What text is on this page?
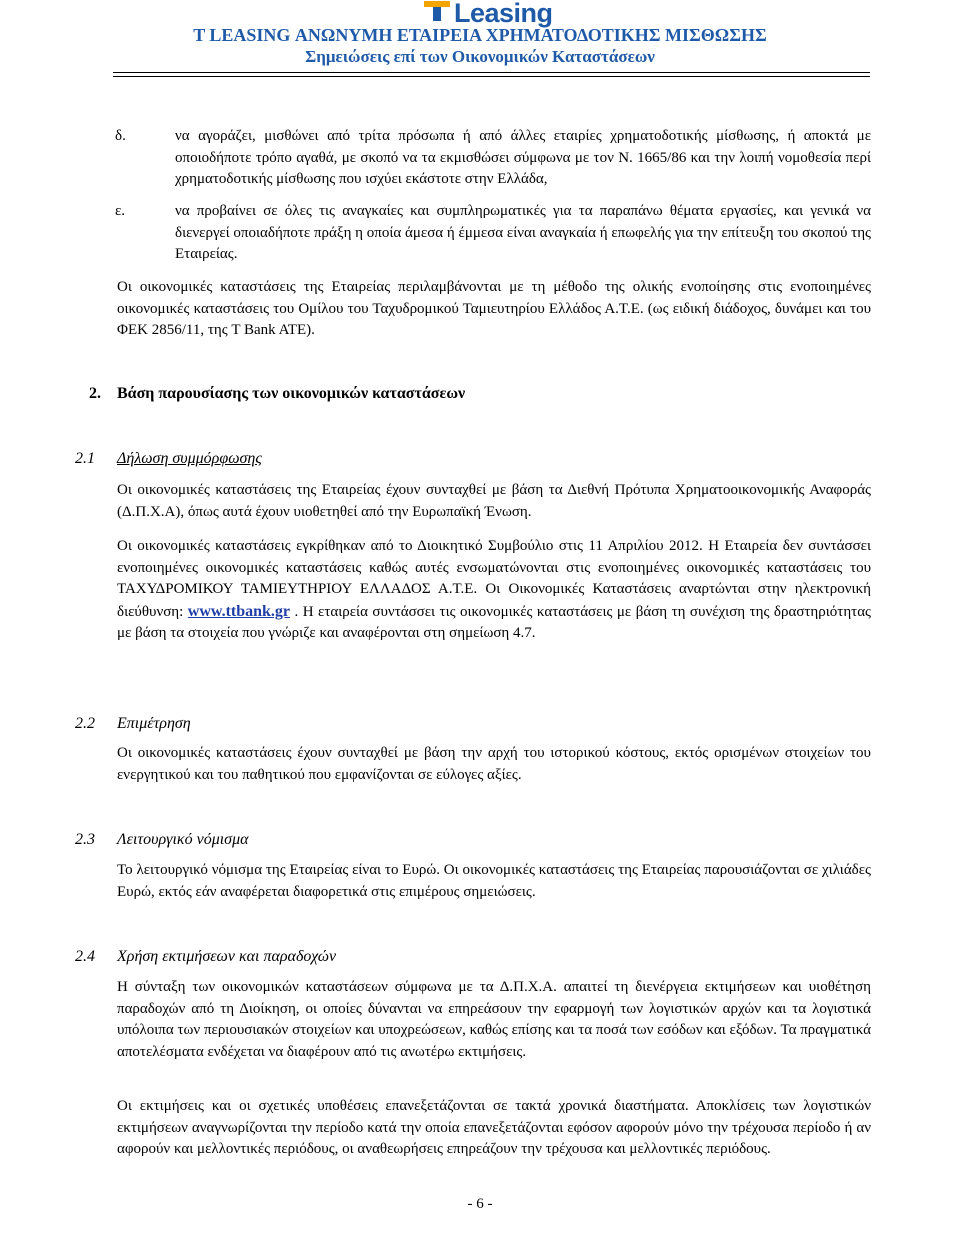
Leasing
T LEASING ΑΝΩΝΥΜΗ ΕΤΑΙΡΕΙΑ ΧΡΗΜΑΤΟΔΟΤΙΚΗΣ ΜΙΣΘΩΣΗΣ
Σημειώσεις επί των Οικονομικών Καταστάσεων
δ.	να αγοράζει, μισθώνει από τρίτα πρόσωπα ή από άλλες εταιρίες χρηματοδοτικής μίσθωσης, ή αποκτά με οποιοδήποτε τρόπο αγαθά, με σκοπό να τα εκμισθώσει σύμφωνα με τον Ν. 1665/86 και την λοιπή νομοθεσία περί χρηματοδοτικής μίσθωσης που ισχύει εκάστοτε στην Ελλάδα,
ε.	να προβαίνει σε όλες τις αναγκαίες και συμπληρωματικές για τα παραπάνω θέματα εργασίες, και γενικά να διενεργεί οποιαδήποτε πράξη η οποία άμεσα ή έμμεσα είναι αναγκαία ή επωφελής για την επίτευξη του σκοπού της Εταιρείας.
Οι οικονομικές καταστάσεις της Εταιρείας περιλαμβάνονται με τη μέθοδο της ολικής ενοποίησης στις ενοποιημένες οικονομικές καταστάσεις του Ομίλου του Ταχυδρομικού Ταμιευτηρίου Ελλάδος Α.Τ.Ε. (ως ειδική διάδοχος, δυνάμει και του ΦΕΚ 2856/11, της T Bank ATE).
2. Βάση παρουσίασης των οικονομικών καταστάσεων
2.1 Δήλωση συμμόρφωσης
Οι οικονομικές καταστάσεις της Εταιρείας έχουν συνταχθεί με βάση τα Διεθνή Πρότυπα Χρηματοοικονομικής Αναφοράς (Δ.Π.Χ.Α), όπως αυτά έχουν υιοθετηθεί από την Ευρωπαϊκή Ένωση.
Οι οικονομικές καταστάσεις εγκρίθηκαν από το Διοικητικό Συμβούλιο στις 11 Απριλίου 2012. Η Εταιρεία δεν συντάσσει ενοποιημένες οικονομικές καταστάσεις καθώς αυτές ενσωματώνονται στις ενοποιημένες οικονομικές καταστάσεις του ΤΑΧΥΔΡΟΜΙΚΟΥ ΤΑΜΙΕΥΤΗΡΙΟΥ ΕΛΛΑΔΟΣ Α.Τ.Ε. Οι Οικονομικές Καταστάσεις αναρτώνται στην ηλεκτρονική διεύθυνση: www.ttbank.gr . Η εταιρεία συντάσσει τις οικονομικές καταστάσεις με βάση τη συνέχιση της δραστηριότητας με βάση τα στοιχεία που γνώριζε και αναφέρονται στη σημείωση 4.7.
2.2 Επιμέτρηση
Οι οικονομικές καταστάσεις έχουν συνταχθεί με βάση την αρχή του ιστορικού κόστους, εκτός ορισμένων στοιχείων του ενεργητικού και του παθητικού που εμφανίζονται σε εύλογες αξίες.
2.3 Λειτουργικό νόμισμα
Το λειτουργικό νόμισμα της Εταιρείας είναι το Ευρώ. Οι οικονομικές καταστάσεις της Εταιρείας παρουσιάζονται σε χιλιάδες Ευρώ, εκτός εάν αναφέρεται διαφορετικά στις επιμέρους σημειώσεις.
2.4 Χρήση εκτιμήσεων και παραδοχών
Η σύνταξη των οικονομικών καταστάσεων σύμφωνα με τα Δ.Π.Χ.Α. απαιτεί τη διενέργεια εκτιμήσεων και υιοθέτηση παραδοχών από τη Διοίκηση, οι οποίες δύνανται να επηρεάσουν την εφαρμογή των λογιστικών αρχών και τα λογιστικά υπόλοιπα των περιουσιακών στοιχείων και υποχρεώσεων, καθώς επίσης και τα ποσά των εσόδων και εξόδων. Τα πραγματικά αποτελέσματα ενδέχεται να διαφέρουν από τις ανωτέρω εκτιμήσεις.
Οι εκτιμήσεις και οι σχετικές υποθέσεις επανεξετάζονται σε τακτά χρονικά διαστήματα. Αποκλίσεις των λογιστικών εκτιμήσεων αναγνωρίζονται την περίοδο κατά την οποία επανεξετάζονται εφόσον αφορούν μόνο την τρέχουσα περίοδο ή αν αφορούν και μελλοντικές περιόδους, οι αναθεωρήσεις επηρεάζουν την τρέχουσα και μελλοντικές περιόδους.
- 6 -
